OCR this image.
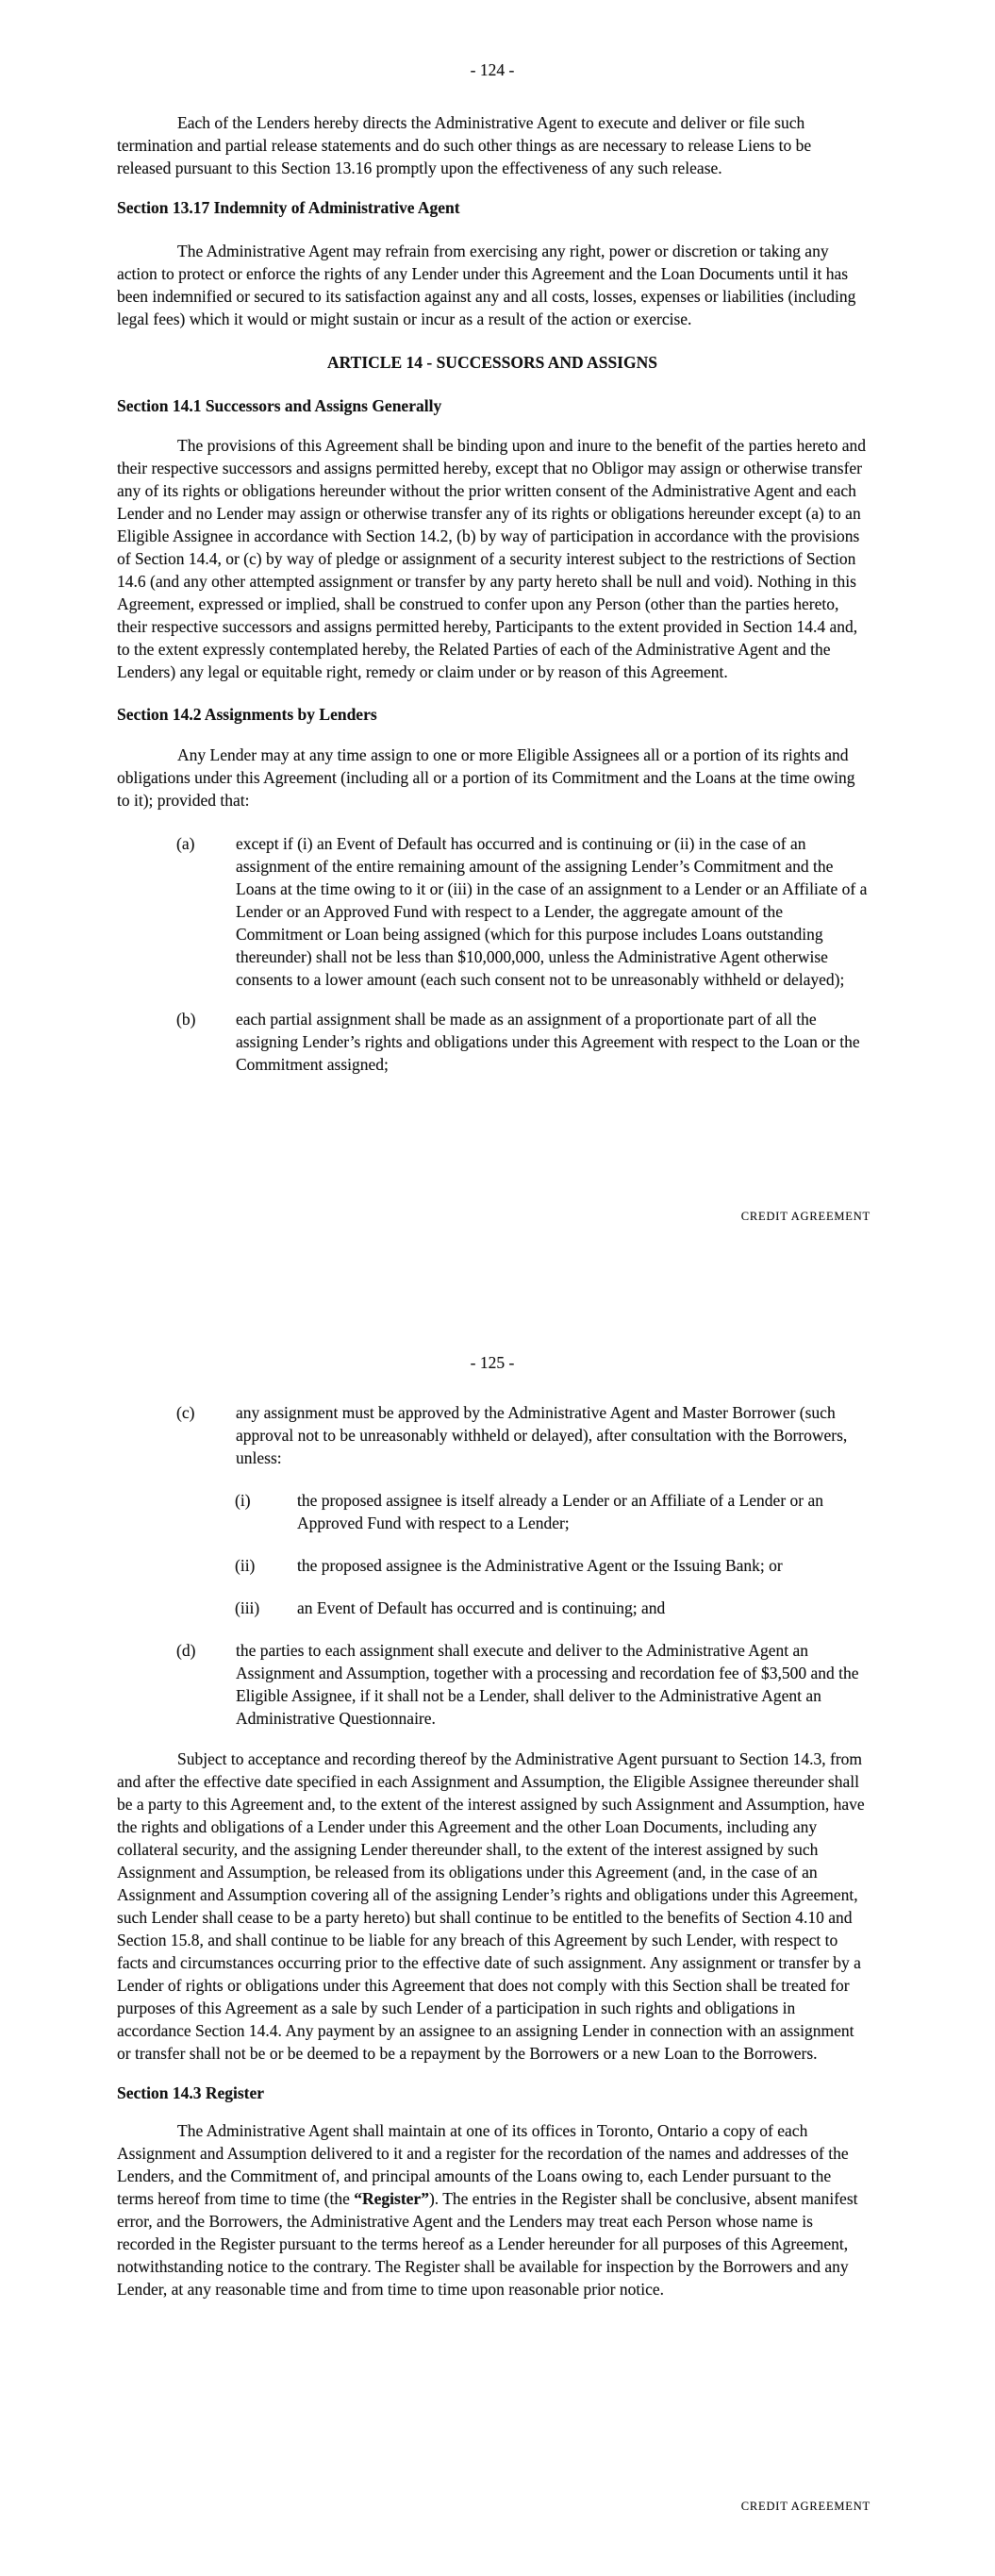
- 124 -

Each of the Lenders hereby directs the Administrative Agent to execute and deliver or file such termination and partial release statements and do such other things as are necessary to release Liens to be released pursuant to this Section 13.16 promptly upon the effectiveness of any such release.

Section 13.17 Indemnity of Administrative Agent

The Administrative Agent may refrain from exercising any right, power or discretion or taking any action to protect or enforce the rights of any Lender under this Agreement and the Loan Documents until it has been indemnified or secured to its satisfaction against any and all costs, losses, expenses or liabilities (including legal fees) which it would or might sustain or incur as a result of the action or exercise.

ARTICLE 14 - SUCCESSORS AND ASSIGNS
Section 14.1 Successors and Assigns Generally

The provisions of this Agreement shall be binding upon and inure to the benefit of the parties hereto and their respective successors and assigns permitted hereby, except that no Obligor may assign or otherwise transfer any of its rights or obligations hereunder without the prior written consent of the Administrative Agent and each Lender and no Lender may assign or otherwise transfer any of its rights or obligations hereunder except (a) to an Eligible Assignee in accordance with Section 14.2, (b) by way of participation in accordance with the provisions of Section 14.4, or (c) by way of pledge or assignment of a security interest subject to the restrictions of Section 14.6 (and any other attempted assignment or transfer by any party hereto shall be null and void). Nothing in this Agreement, expressed or implied, shall be construed to confer upon any Person (other than the parties hereto, their respective successors and assigns permitted hereby, Participants to the extent provided in Section 14.4 and, to the extent expressly contemplated hereby, the Related Parties of each of the Administrative Agent and the Lenders) any legal or equitable right, remedy or claim under or by reason of this Agreement.

Section 14.2 Assignments by Lenders

Any Lender may at any time assign to one or more Eligible Assignees all or a portion of its rights and obligations under this Agreement (including all or a portion of its Commitment and the Loans at the time owing to it); provided that:

(a) except if (i) an Event of Default has occurred and is continuing or (ii) in the case of an assignment of the entire remaining amount of the assigning Lender’s Commitment and the Loans at the time owing to it or (iii) in the case of an assignment to a Lender or an Affiliate of a Lender or an Approved Fund with respect to a Lender, the aggregate amount of the Commitment or Loan being assigned (which for this purpose includes Loans outstanding thereunder) shall not be less than $10,000,000, unless the Administrative Agent otherwise consents to a lower amount (each such consent not to be unreasonably withheld or delayed);
(b) each partial assignment shall be made as an assignment of a proportionate part of all the assigning Lender’s rights and obligations under this Agreement with respect to the Loan or the Commitment assigned;
CREDIT AGREEMENT
- 125 -
(c) any assignment must be approved by the Administrative Agent and Master Borrower (such approval not to be unreasonably withheld or delayed), after consultation with the Borrowers, unless:
(i)	the proposed assignee is itself already a Lender or an Affiliate of a Lender or an Approved Fund with respect to a Lender;
(ii)	the proposed assignee is the Administrative Agent or the Issuing Bank; or
(iii) an Event of Default has occurred and is continuing; and
(d) the parties to each assignment shall execute and deliver to the Administrative Agent an Assignment and Assumption, together with a processing and recordation fee of $3,500 and the Eligible Assignee, if it shall not be a Lender, shall deliver to the Administrative Agent an Administrative Questionnaire.

Subject to acceptance and recording thereof by the Administrative Agent pursuant to Section 14.3, from and after the effective date specified in each Assignment and Assumption, the Eligible Assignee thereunder shall be a party to this Agreement and, to the extent of the interest assigned by such Assignment and Assumption, have the rights and obligations of a Lender under this Agreement and the other Loan Documents, including any collateral security, and the assigning Lender thereunder shall, to the extent of the interest assigned by such Assignment and Assumption, be released from its obligations under this Agreement (and, in the case of an Assignment and Assumption covering all of the assigning Lender’s rights and obligations under this Agreement, such Lender shall cease to be a party hereto) but shall continue to be entitled to the benefits of Section 4.10 and Section 15.8, and shall continue to be liable for any breach of this Agreement by such Lender, with respect to facts and circumstances occurring prior to the effective date of such assignment. Any assignment or transfer by a Lender of rights or obligations under this Agreement that does not comply with this Section shall be treated for purposes of this Agreement as a sale by such Lender of a participation in such rights and obligations in accordance Section 14.4. Any payment by an assignee to an assigning Lender in connection with an assignment or transfer shall not be or be deemed to be a repayment by the Borrowers or a new Loan to the Borrowers.

Section 14.3 Register

The Administrative Agent shall maintain at one of its offices in Toronto, Ontario a copy of each Assignment and Assumption delivered to it and a register for the recordation of the names and addresses of the Lenders, and the Commitment of, and principal amounts of the Loans owing to, each Lender pursuant to the terms hereof from time to time (the “Register”). The entries in the Register shall be conclusive, absent manifest error, and the Borrowers, the Administrative Agent and the Lenders may treat each Person whose name is recorded in the Register pursuant to the terms hereof as a Lender hereunder for all purposes of this Agreement, notwithstanding notice to the contrary. The Register shall be available for inspection by the Borrowers and any Lender, at any reasonable time and from time to time upon reasonable prior notice.

CREDIT AGREEMENT
